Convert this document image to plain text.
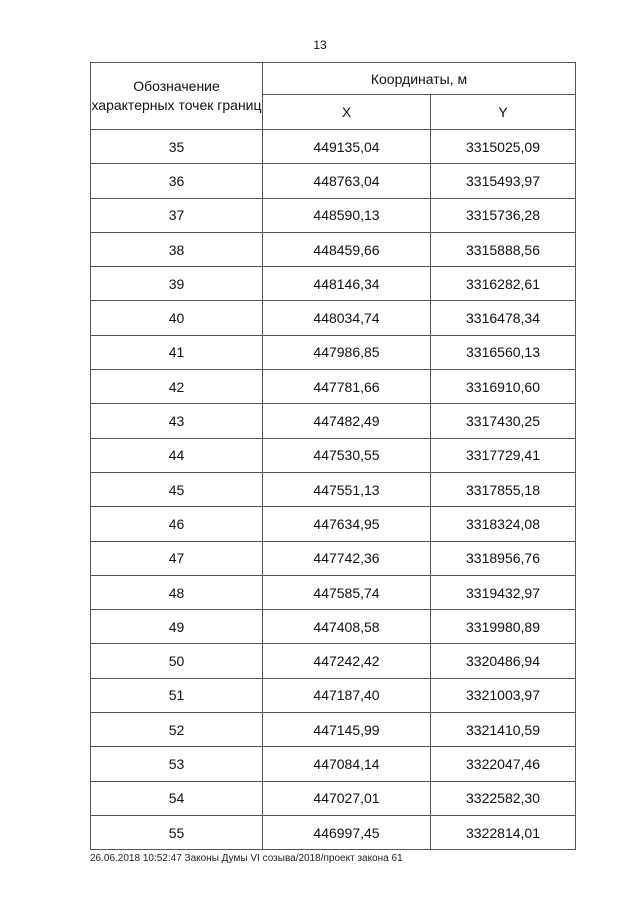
13
Обозначение характерных точек границ	Координаты, м	
	X	Y
35	449135,04	3315025,09
36	448763,04	3315493,97
37	448590,13	3315736,28
38	448459,66	3315888,56
39	448146,34	3316282,61
40	448034,74	3316478,34
41	447986,85	3316560,13
42	447781,66	3316910,60
43	447482,49	3317430,25
44	447530,55	3317729,41
45	447551,13	3317855,18
46	447634,95	3318324,08
47	447742,36	3318956,76
48	447585,74	3319432,97
49	447408,58	3319980,89
50	447242,42	3320486,94
51	447187,40	3321003,97
52	447145,99	3321410,59
53	447084,14	3322047,46
54	447027,01	3322582,30
55	446997,45	3322814,01
26.06.2018 10:52:47 Законы Думы VI созыва/2018/проект закона 61
